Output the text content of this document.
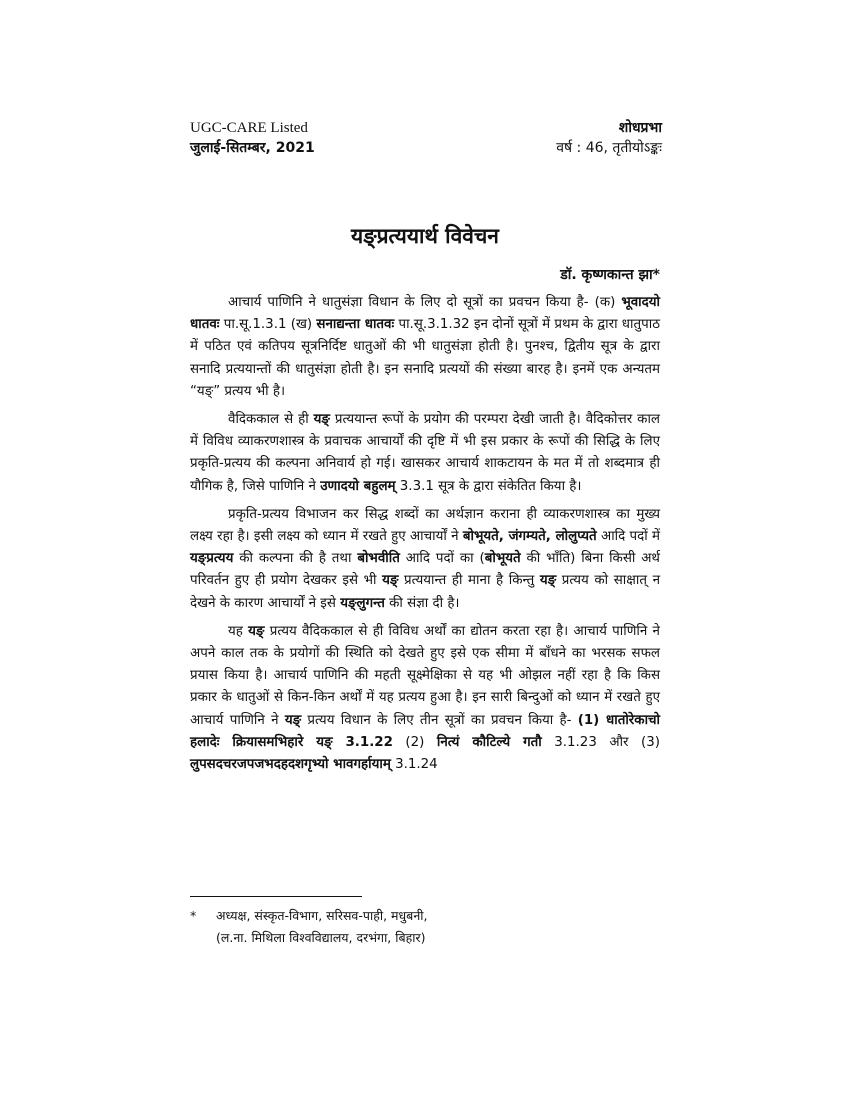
UGC-CARE Listed
जुलाई-सितम्बर, 2021
शोधप्रभा
वर्ष : 46, तृतीयोऽङ्कः
यङ्प्रत्ययार्थ विवेचन
डॉ. कृष्णकान्त झा*

आचार्य पाणिनि ने धातुसंज्ञा विधान के लिए दो सूत्रों का प्रवचन किया है- (क) भूवादयो धातवः पा.सू.1.3.1 (ख) सनाद्यन्ता धातवः पा.सू.3.1.32 इन दोनों सूत्रों में प्रथम के द्वारा धातुपाठ में पठित एवं कतिपय सूत्रनिर्दिष्ट धातुओं की भी धातुसंज्ञा होती है। पुनश्च, द्वितीय सूत्र के द्वारा सनादि प्रत्ययान्तों की धातुसंज्ञा होती है। इन सनादि प्रत्ययों की संख्या बारह है। इनमें एक अन्यतम “यङ्” प्रत्यय भी है।

वैदिककाल से ही यङ् प्रत्ययान्त रूपों के प्रयोग की परम्परा देखी जाती है। वैदिकोत्तर काल में विविध व्याकरणशास्त्र के प्रवाचक आचार्यों की दृष्टि में भी इस प्रकार के रूपों की सिद्धि के लिए प्रकृति-प्रत्यय की कल्पना अनिवार्य हो गई। खासकर आचार्य शाकटायन के मत में तो शब्दमात्र ही यौगिक है, जिसे पाणिनि ने उणादयो बहुलम् 3.3.1 सूत्र के द्वारा संकेतित किया है।

प्रकृति-प्रत्यय विभाजन कर सिद्ध शब्दों का अर्थज्ञान कराना ही व्याकरणशास्त्र का मुख्य लक्ष्य रहा है। इसी लक्ष्य को ध्यान में रखते हुए आचार्यों ने बोभूयते, जंगम्यते, लोलुप्यते आदि पदों में यङ्प्रत्यय की कल्पना की है तथा बोभवीति आदि पदों का (बोभूयते की भाँति) बिना किसी अर्थ परिवर्तन हुए ही प्रयोग देखकर इसे भी यङ् प्रत्ययान्त ही माना है किन्तु यङ् प्रत्यय को साक्षात् न देखने के कारण आचार्यों ने इसे यङ्लुगन्त की संज्ञा दी है।

यह यङ् प्रत्यय वैदिककाल से ही विविध अर्थों का द्योतन करता रहा है। आचार्य पाणिनि ने अपने काल तक के प्रयोगों की स्थिति को देखते हुए इसे एक सीमा में बाँधने का भरसक सफल प्रयास किया है। आचार्य पाणिनि की महती सूक्ष्मेक्षिका से यह भी ओझल नहीं रहा है कि किस प्रकार के धातुओं से किन-किन अर्थों में यह प्रत्यय हुआ है। इन सारी बिन्दुओं को ध्यान में रखते हुए आचार्य पाणिनि ने यङ् प्रत्यय विधान के लिए तीन सूत्रों का प्रवचन किया है- (1) धातोरेकाचो हलादेः क्रियासमभिहारे यङ् 3.1.22 (2) नित्यं कौटिल्ये गतौ 3.1.23 और (3) लुपसदचरजपजभदहदशगृभ्यो भावगर्हायाम् 3.1.24

* अध्यक्ष, संस्कृत-विभाग, सरिसव-पाही, मधुबनी,
(ल.ना. मिथिला विश्वविद्यालय, दरभंगा, बिहार)
